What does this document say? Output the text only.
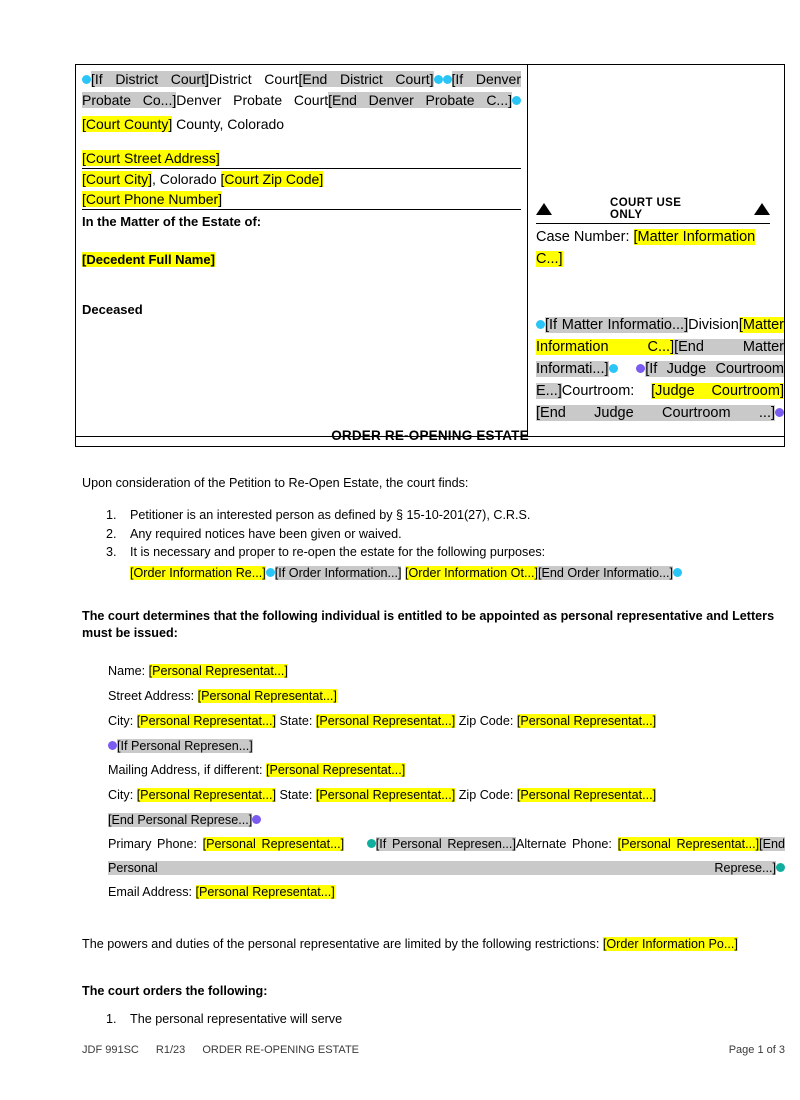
[If District Court]District Court[End District Court] [If Denver Probate Co...]Denver Probate Court[End Denver Probate C...]
[Court County] County, Colorado
[Court Street Address]
[Court City], Colorado [Court Zip Code]
[Court Phone Number]
In the Matter of the Estate of:
[Decedent Full Name]
Deceased
COURT USE ONLY
Case Number: [Matter Information C...]
[If Matter Informatio...]Division[Matter Information C...][End Matter Informati...]	[If Judge Courtroom E...]Courtroom: [Judge Courtroom][End Judge Courtroom ...]
ORDER RE-OPENING ESTATE
Upon consideration of the Petition to Re-Open Estate, the court finds:
1. Petitioner is an interested person as defined by § 15-10-201(27), C.R.S.
2. Any required notices have been given or waived.
3. It is necessary and proper to re-open the estate for the following purposes:
[Order Information Re...] [If Order Information...] [Order Information Ot...][End Order Informatio...]
The court determines that the following individual is entitled to be appointed as personal representative and Letters must be issued:
Name: [Personal Representat...]
Street Address: [Personal Representat...]
City: [Personal Representat...] State: [Personal Representat...] Zip Code: [Personal Representat...]
[If Personal Represen...]
Mailing Address, if different: [Personal Representat...]
City: [Personal Representat...] State: [Personal Representat...] Zip Code: [Personal Representat...]
[End Personal Represe...]
Primary Phone: [Personal Representat...]	[If Personal Represen...]Alternate Phone: [Personal Representat...][End Personal Represe...]
Email Address: [Personal Representat...]
The powers and duties of the personal representative are limited by the following restrictions: [Order Information Po...]
The court orders the following:
1. The personal representative will serve
JDF 991SC R1/23 ORDER RE-OPENING ESTATE	Page 1 of 3
